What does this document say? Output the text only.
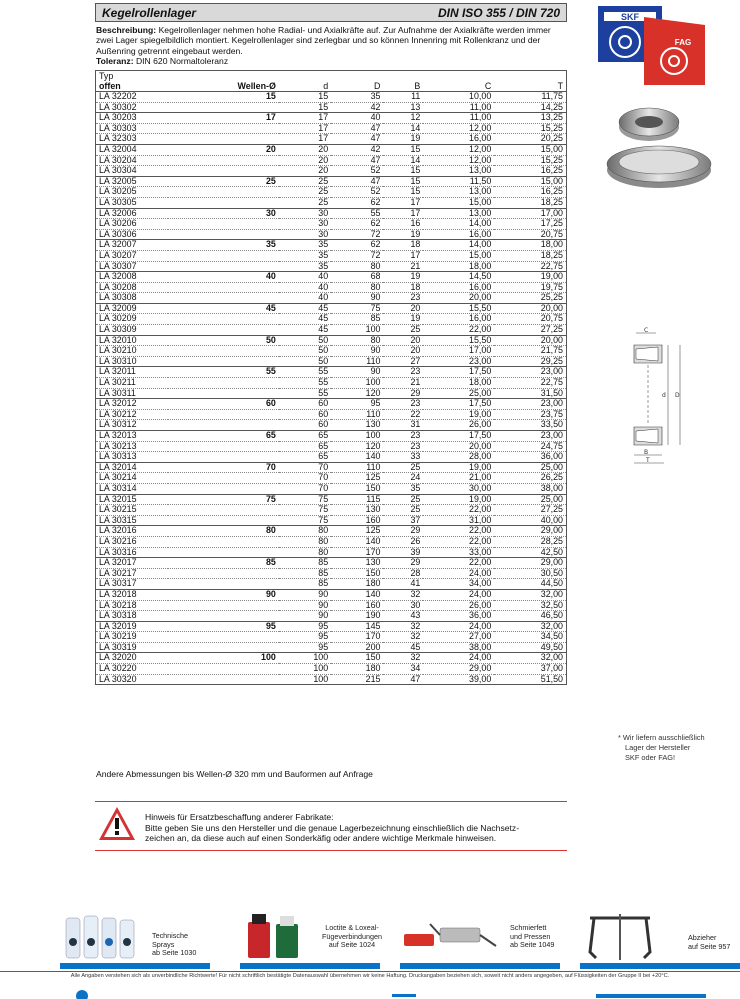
Kegelrollenlager	DIN ISO 355 / DIN 720
Beschreibung: Kegelrollenlager nehmen hohe Radial- und Axialkräfte auf. Zur Aufnahme der Axialkräfte werden immer zwei Lager spiegelbildlich montiert. Kegelrollenlager sind zerlegbar und so können Innenring mit Rollenkranz und der Außenring getrennt eingebaut werden.
Toleranz: DIN 620 Normaltoleranz
Typ						
offen	Wellen-Ø	d	D	B	C	T
LA 32202	15	15	35	11	10,00	11,75
LA 30302		15	42	13	11,00	14,25
LA 30203	17	17	40	12	11,00	13,25
LA 30303		17	47	14	12,00	15,25
LA 32303		17	47	19	16,00	20,25
LA 32004	20	20	42	15	12,00	15,00
LA 30204		20	47	14	12,00	15,25
LA 30304		20	52	15	13,00	16,25
LA 32005	25	25	47	15	11,50	15,00
LA 30205		25	52	15	13,00	16,25
LA 30305		25	62	17	15,00	18,25
LA 32006	30	30	55	17	13,00	17,00
LA 30206		30	62	16	14,00	17,25
LA 30306		30	72	19	16,00	20,75
LA 32007	35	35	62	18	14,00	18,00
LA 30207		35	72	17	15,00	18,25
LA 30307		35	80	21	18,00	22,75
LA 32008	40	40	68	19	14,50	19,00
LA 30208		40	80	18	16,00	19,75
LA 30308		40	90	23	20,00	25,25
LA 32009	45	45	75	20	15,50	20,00
LA 30209		45	85	19	16,00	20,75
LA 30309		45	100	25	22,00	27,25
LA 32010	50	50	80	20	15,50	20,00
LA 30210		50	90	20	17,00	21,75
LA 30310		50	110	27	23,00	29,25
LA 32011	55	55	90	23	17,50	23,00
LA 30211		55	100	21	18,00	22,75
LA 30311		55	120	29	25,00	31,50
LA 32012	60	60	95	23	17,50	23,00
LA 30212		60	110	22	19,00	23,75
LA 30312		60	130	31	26,00	33,50
LA 32013	65	65	100	23	17,50	23,00
LA 30213		65	120	23	20,00	24,75
LA 30313		65	140	33	28,00	36,00
LA 32014	70	70	110	25	19,00	25,00
LA 30214		70	125	24	21,00	26,25
LA 30314		70	150	35	30,00	38,00
LA 32015	75	75	115	25	19,00	25,00
LA 30215		75	130	25	22,00	27,25
LA 30315		75	160	37	31,00	40,00
LA 32016	80	80	125	29	22,00	29,00
LA 30216		80	140	26	22,00	28,25
LA 30316		80	170	39	33,00	42,50
LA 32017	85	85	130	29	22,00	29,00
LA 30217		85	150	28	24,00	30,50
LA 30317		85	180	41	34,00	44,50
LA 32018	90	90	140	32	24,00	32,00
LA 30218		90	160	30	26,00	32,50
LA 30318		90	190	43	36,00	46,50
LA 32019	95	95	145	32	24,00	32,00
LA 30219		95	170	32	27,00	34,50
LA 30319		95	200	45	38,00	49,50
LA 32020	100	100	150	32	24,00	32,00
LA 30220		100	180	34	29,00	37,00
LA 30320		100	215	47	39,00	51,50
Andere Abmessungen bis Wellen-Ø 320 mm und Bauformen auf Anfrage
Hinweis für Ersatzbeschaffung anderer Fabrikate:
Bitte geben Sie uns den Hersteller und die genaue Lagerbezeichnung einschließlich die Nachsetz-
zeichen an, da diese auch auf einen Sonderkäfig oder andere wichtige Merkmale hinweisen.
* Wir liefern ausschließlich
Lager der Hersteller
SKF oder FAG!
SKF
FAG
C
d D
B
T
Technische Sprays
ab Seite 1030
Loctite & Loxeal-
Fügeverbindungen
auf Seite 1024
Schmierfett
und Pressen
ab Seite 1049
Abzieher
auf Seite 957
Alle Angaben verstehen sich als unverbindliche Richtwerte! Für nicht schriftlich bestätigte Datenauswahl übernehmen wir keine Haftung. Druckangaben beziehen sich, soweit nicht anders angegeben, auf Flüssigkeiten der Gruppe II bei +20°C.
